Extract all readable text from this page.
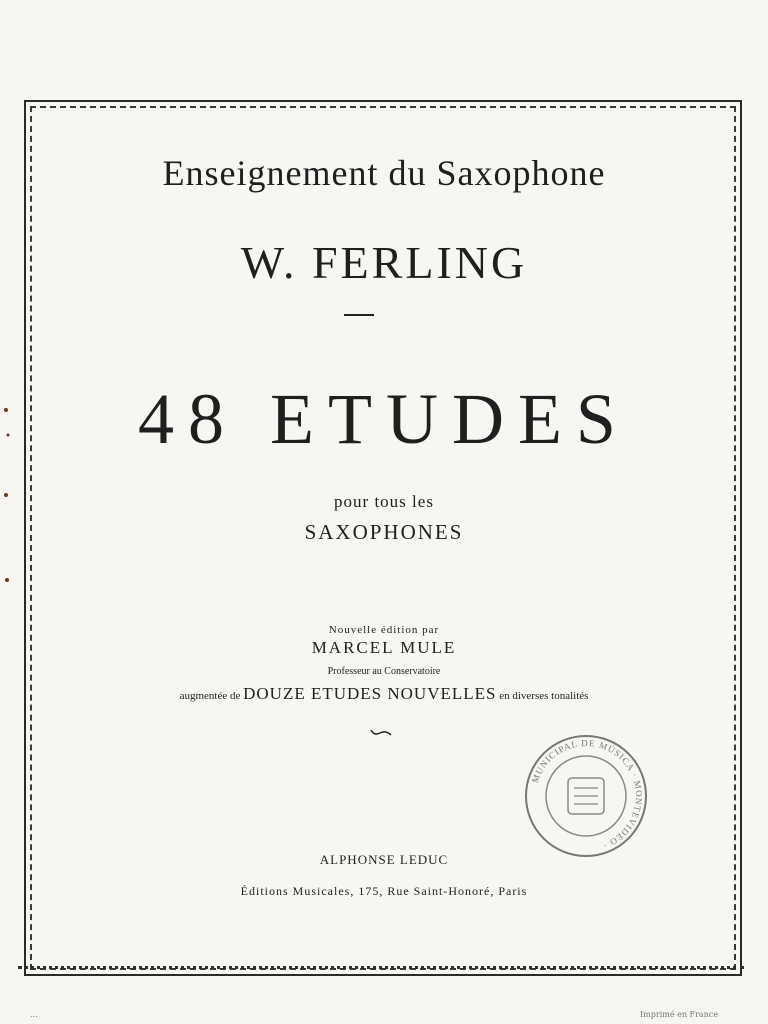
Enseignement du Saxophone
W. FERLING
48 ETUDES
pour tous les
SAXOPHONES
Nouvelle édition par
MARCEL MULE
Professeur au Conservatoire
augmentée de DOUZE ETUDES NOUVELLES en diverses tonalités
MUNICIPAL DE MÚSICA · MONTEVIDEO ·
ALPHONSE LEDUC
Éditions Musicales, 175, Rue Saint-Honoré, Paris
...	Imprimé en France
